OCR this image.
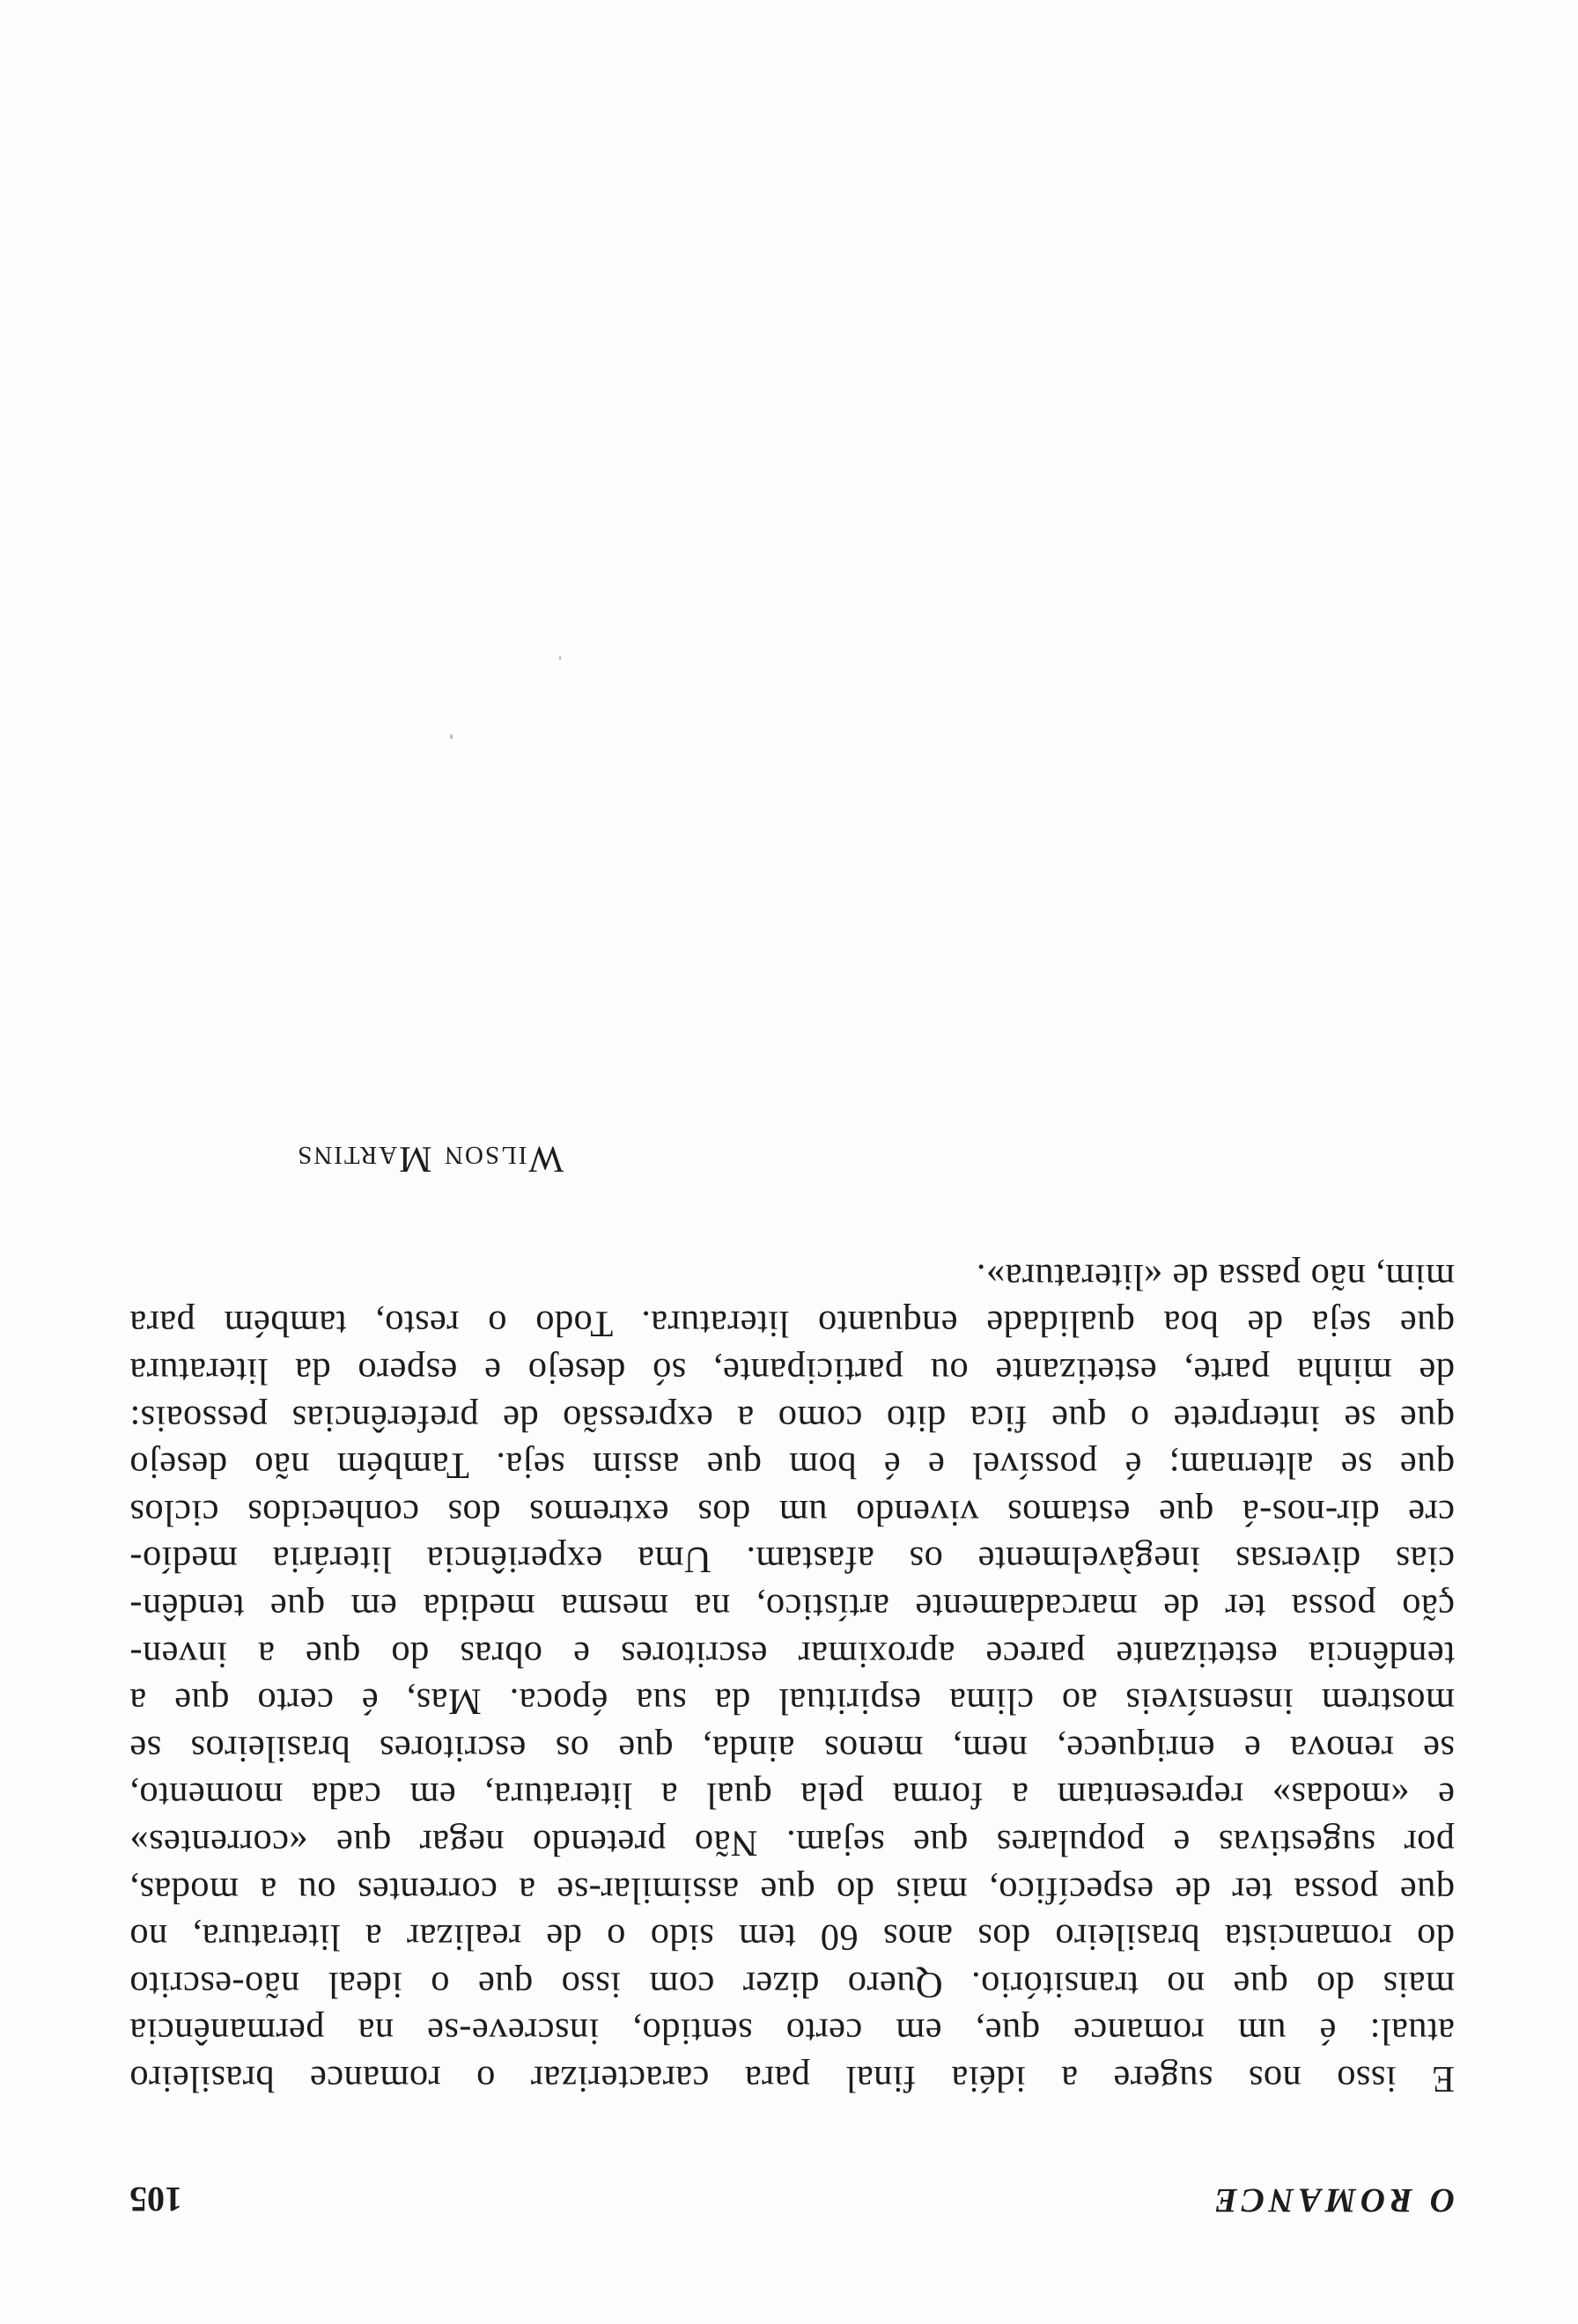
O ROMANCE
105
E isso nos sugere a idéia final para caracterizar o romance brasileiro
atual: é um romance que, em certo sentido, inscreve-se na permanência
mais do que no transitório. Quero dizer com isso que o ideal não-escrito
do romancista brasileiro dos anos 60 tem sido o de realizar a literatura, no
que possa ter de específico, mais do que assimilar-se a correntes ou a modas,
por sugestivas e populares que sejam. Não pretendo negar que «correntes»
e «modas» representam a forma pela qual a literatura, em cada momento,
se renova e enriquece, nem, menos ainda, que os escritores brasileiros se
mostrem insensíveis ao clima espiritual da sua época. Mas, é certo que a
tendência estetizante parece aproximar escritores e obras do que a inven-
ção possa ter de marcadamente artístico, na mesma medida em que tendên-
cias diversas inegàvelmente os afastam. Uma experiência literária medío-
cre dir-nos-á que estamos vivendo um dos extremos dos conhecidos ciclos
que se alternam; é possível e é bom que assim seja. Também não desejo
que se interprete o que fica dito como a expressão de preferências pessoais:
de minha parte, estetizante ou participante, só desejo e espero da literatura
que seja de boa qualidade enquanto literatura. Todo o resto, também para
mim, não passa de «literatura».
Wilson Martins
